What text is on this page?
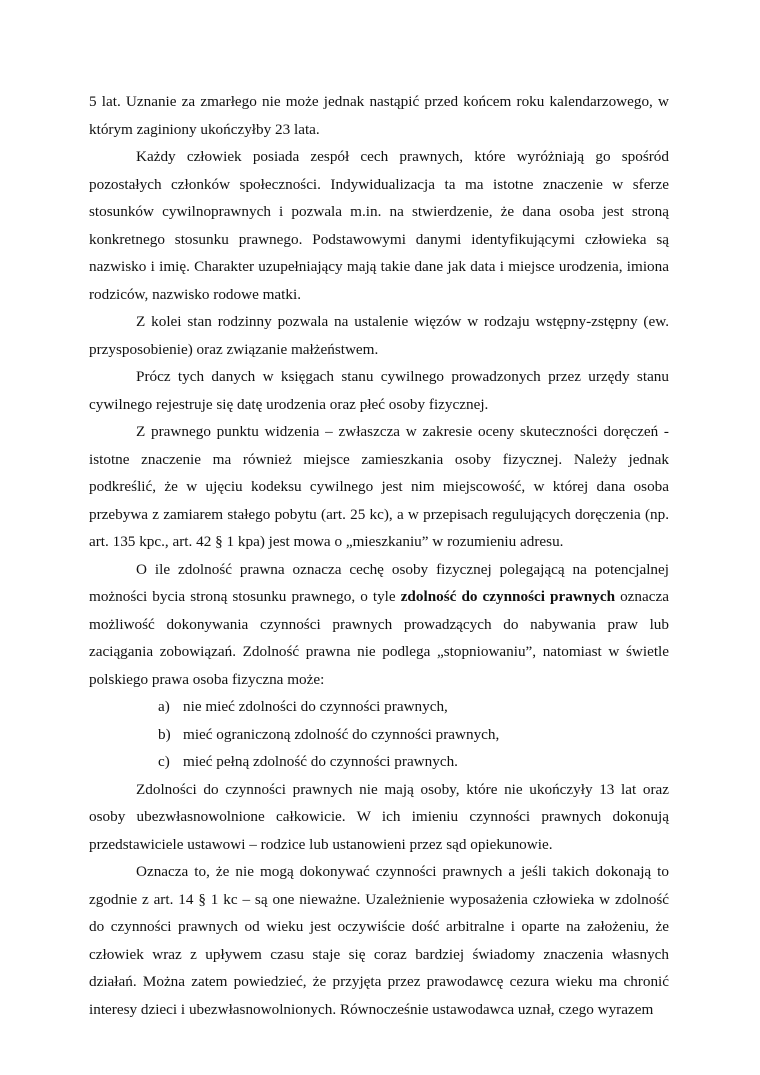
5 lat. Uznanie za zmarłego nie może jednak nastąpić przed końcem roku kalendarzowego, w którym zaginiony ukończyłby 23 lata.

Każdy człowiek posiada zespół cech prawnych, które wyróżniają go spośród pozostałych członków społeczności. Indywidualizacja ta ma istotne znaczenie w sferze stosunków cywilnoprawnych i pozwala m.in. na stwierdzenie, że dana osoba jest stroną konkretnego stosunku prawnego. Podstawowymi danymi identyfikującymi człowieka są nazwisko i imię. Charakter uzupełniający mają takie dane jak data i miejsce urodzenia, imiona rodziców, nazwisko rodowe matki.

Z kolei stan rodzinny pozwala na ustalenie więzów w rodzaju wstępny-zstępny (ew. przysposobienie) oraz związanie małżeństwem.

Prócz tych danych w księgach stanu cywilnego prowadzonych przez urzędy stanu cywilnego rejestruje się datę urodzenia oraz płeć osoby fizycznej.

Z prawnego punktu widzenia – zwłaszcza w zakresie oceny skuteczności doręczeń - istotne znaczenie ma również miejsce zamieszkania osoby fizycznej. Należy jednak podkreślić, że w ujęciu kodeksu cywilnego jest nim miejscowość, w której dana osoba przebywa z zamiarem stałego pobytu (art. 25 kc), a w przepisach regulujących doręczenia (np. art. 135 kpc., art. 42 § 1 kpa) jest mowa o „mieszkaniu” w rozumieniu adresu.

O ile zdolność prawna oznacza cechę osoby fizycznej polegającą na potencjalnej możności bycia stroną stosunku prawnego, o tyle zdolność do czynności prawnych oznacza możliwość dokonywania czynności prawnych prowadzących do nabywania praw lub zaciągania zobowiązań. Zdolność prawna nie podlega „stopniowaniu”, natomiast w świetle polskiego prawa osoba fizyczna może:

a) nie mieć zdolności do czynności prawnych,
b) mieć ograniczoną zdolność do czynności prawnych,
c) mieć pełną zdolność do czynności prawnych.

Zdolności do czynności prawnych nie mają osoby, które nie ukończyły 13 lat oraz osoby ubezwłasnowolnione całkowicie. W ich imieniu czynności prawnych dokonują przedstawiciele ustawowi – rodzice lub ustanowieni przez sąd opiekunowie.

Oznacza to, że nie mogą dokonywać czynności prawnych a jeśli takich dokonają to zgodnie z art. 14 § 1 kc – są one nieważne. Uzależnienie wyposażenia człowieka w zdolność do czynności prawnych od wieku jest oczywiście dość arbitralne i oparte na założeniu, że człowiek wraz z upływem czasu staje się coraz bardziej świadomy znaczenia własnych działań. Można zatem powiedzieć, że przyjęta przez prawodawcę cezura wieku ma chronić interesy dzieci i ubezwłasnowolnionych. Równocześnie ustawodawca uznał, czego wyrazem
